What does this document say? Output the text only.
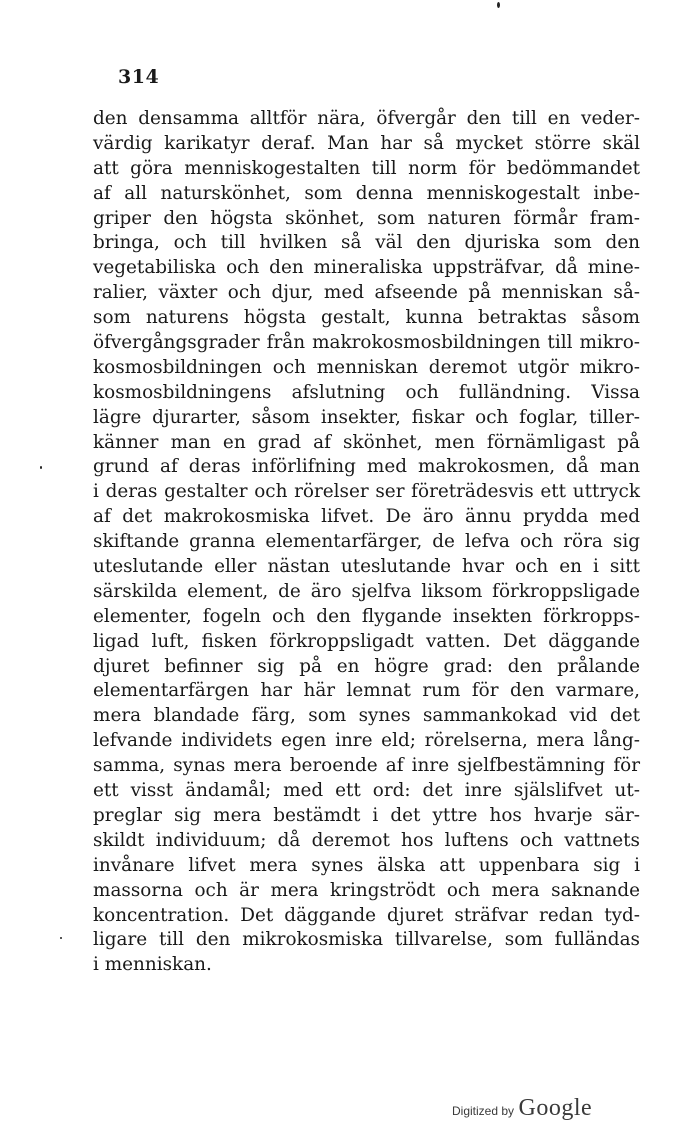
314
den densamma alltför nära, öfvergår den till en veder-
värdig karikatyr deraf. Man har så mycket större skäl
att göra menniskogestalten till norm för bedömmandet
af all naturskönhet, som denna menniskogestalt inbe-
griper den högsta skönhet, som naturen förmår fram-
bringa, och till hvilken så väl den djuriska som den
vegetabiliska och den mineraliska uppsträfvar, då mine-
ralier, växter och djur, med afseende på menniskan så-
som naturens högsta gestalt, kunna betraktas såsom
öfvergångsgrader från makrokosmosbildningen till mikro-
kosmosbildningen och menniskan deremot utgör mikro-
kosmosbildningens afslutning och fulländning. Vissa
lägre djurarter, såsom insekter, fiskar och foglar, tiller-
känner man en grad af skönhet, men förnämligast på
grund af deras införlifning med makrokosmen, då man
i deras gestalter och rörelser ser företrädesvis ett uttryck
af det makrokosmiska lifvet. De äro ännu prydda med
skiftande granna elementarfärger, de lefva och röra sig
uteslutande eller nästan uteslutande hvar och en i sitt
särskilda element, de äro sjelfva liksom förkroppsligade
elementer, fogeln och den flygande insekten förkropps-
ligad luft, fisken förkroppsligadt vatten. Det däggande
djuret befinner sig på en högre grad: den prålande
elementarfärgen har här lemnat rum för den varmare,
mera blandade färg, som synes sammankokad vid det
lefvande individets egen inre eld; rörelserna, mera lång-
samma, synas mera beroende af inre sjelfbestämning för
ett visst ändamål; med ett ord: det inre själslifvet ut-
preglar sig mera bestämdt i det yttre hos hvarje sär-
skildt individuum; då deremot hos luftens och vattnets
invånare lifvet mera synes älska att uppenbara sig i
massorna och är mera kringströdt och mera saknande
koncentration. Det däggande djuret sträfvar redan tyd-
ligare till den mikrokosmiska tillvarelse, som fulländas
i menniskan.
Digitized by Google
